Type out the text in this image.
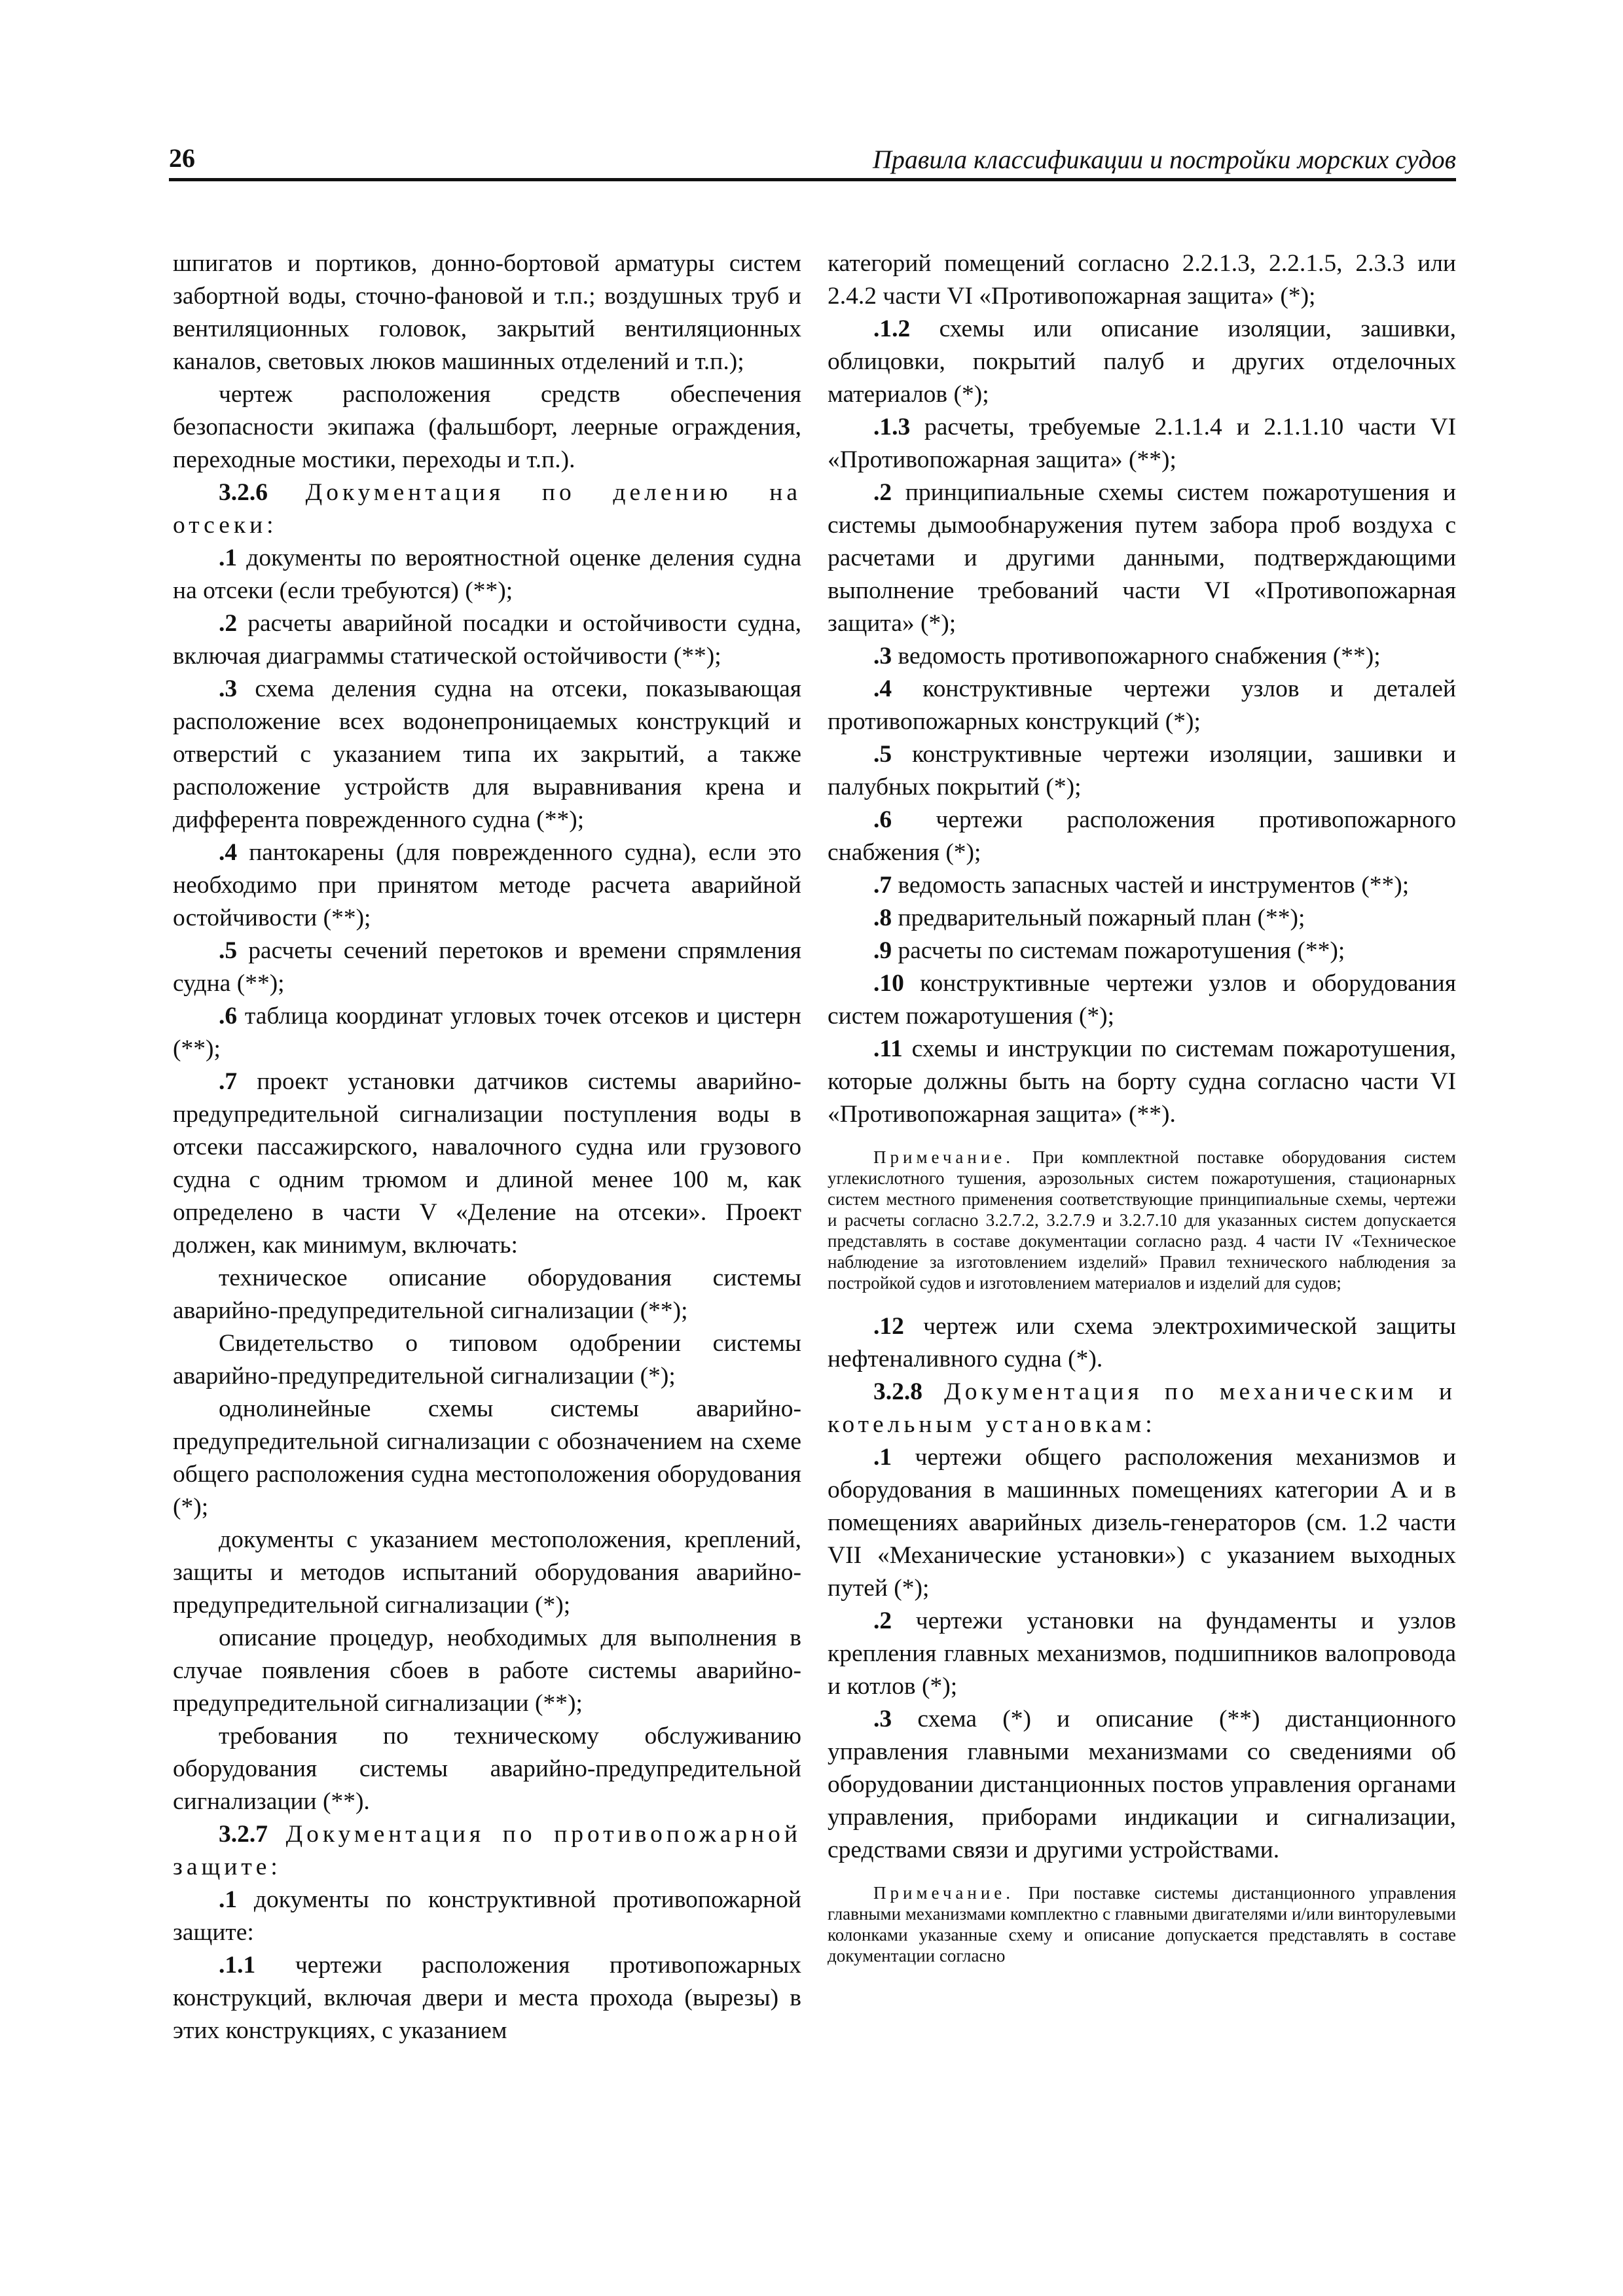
26	Правила классификации и постройки морских судов

шпигатов и портиков, донно-бортовой арматуры систем забортной воды, сточно-фановой и т.п.; воздушных труб и вентиляционных головок, закрытий вентиляционных каналов, световых люков машинных отделений и т.п.);

чертеж расположения средств обеспечения безопасности экипажа (фальшборт, леерные ограждения, переходные мостики, переходы и т.п.).

3.2.6 Документация по делению на отсеки:

.1 документы по вероятностной оценке деления судна на отсеки (если требуются) (**);

.2 расчеты аварийной посадки и остойчивости судна, включая диаграммы статической остойчивости (**);

.3 схема деления судна на отсеки, показывающая расположение всех водонепроницаемых конструкций и отверстий с указанием типа их закрытий, а также расположение устройств для выравнивания крена и дифферента поврежденного судна (**);

.4 пантокарены (для поврежденного судна), если это необходимо при принятом методе расчета аварийной остойчивости (**);

.5 расчеты сечений перетоков и времени спрямления судна (**);

.6 таблица координат угловых точек отсеков и цистерн (**);

.7 проект установки датчиков системы аварийно-предупредительной сигнализации поступления воды в отсеки пассажирского, навалочного судна или грузового судна с одним трюмом и длиной менее 100 м, как определено в части V «Деление на отсеки». Проект должен, как минимум, включать:

техническое описание оборудования системы аварийно-предупредительной сигнализации (**);

Свидетельство о типовом одобрении системы аварийно-предупредительной сигнализации (*);

однолинейные схемы системы аварийно-предупредительной сигнализации с обозначением на схеме общего расположения судна местоположения оборудования (*);

документы с указанием местоположения, креплений, защиты и методов испытаний оборудования аварийно-предупредительной сигнализации (*);

описание процедур, необходимых для выполнения в случае появления сбоев в работе системы аварийно-предупредительной сигнализации (**);

требования по техническому обслуживанию оборудования системы аварийно-предупредительной сигнализации (**).

3.2.7 Документация по противопожарной защите:

.1 документы по конструктивной противопожарной защите:

.1.1 чертежи расположения противопожарных конструкций, включая двери и места прохода (вырезы) в этих конструкциях, с указанием

категорий помещений согласно 2.2.1.3, 2.2.1.5, 2.3.3 или 2.4.2 части VI «Противопожарная защита» (*);

.1.2 схемы или описание изоляции, зашивки, облицовки, покрытий палуб и других отделочных материалов (*);

.1.3 расчеты, требуемые 2.1.1.4 и 2.1.1.10 части VI «Противопожарная защита» (**);

.2 принципиальные схемы систем пожаротушения и системы дымообнаружения путем забора проб воздуха с расчетами и другими данными, подтверждающими выполнение требований части VI «Противопожарная защита» (*);

.3 ведомость противопожарного снабжения (**);

.4 конструктивные чертежи узлов и деталей противопожарных конструкций (*);

.5 конструктивные чертежи изоляции, зашивки и палубных покрытий (*);

.6 чертежи расположения противопожарного снабжения (*);

.7 ведомость запасных частей и инструментов (**);

.8 предварительный пожарный план (**);

.9 расчеты по системам пожаротушения (**);

.10 конструктивные чертежи узлов и оборудования систем пожаротушения (*);

.11 схемы и инструкции по системам пожаротушения, которые должны быть на борту судна согласно части VI «Противопожарная защита» (**).

Примечание. При комплектной поставке оборудования систем углекислотного тушения, аэрозольных систем пожаротушения, стационарных систем местного применения соответствующие принципиальные схемы, чертежи и расчеты согласно 3.2.7.2, 3.2.7.9 и 3.2.7.10 для указанных систем допускается представлять в составе документации согласно разд. 4 части IV «Техническое наблюдение за изготовлением изделий» Правил технического наблюдения за постройкой судов и изготовлением материалов и изделий для судов;

.12 чертеж или схема электрохимической защиты нефтеналивного судна (*).

3.2.8 Документация по механическим и котельным установкам:

.1 чертежи общего расположения механизмов и оборудования в машинных помещениях категории А и в помещениях аварийных дизель-генераторов (см. 1.2 части VII «Механические установки») с указанием выходных путей (*);

.2 чертежи установки на фундаменты и узлов крепления главных механизмов, подшипников валопровода и котлов (*);

.3 схема (*) и описание (**) дистанционного управления главными механизмами со сведениями об оборудовании дистанционных постов управления органами управления, приборами индикации и сигнализации, средствами связи и другими устройствами.

Примечание. При поставке системы дистанционного управления главными механизмами комплектно с главными двигателями и/или винторулевыми колонками указанные схему и описание допускается представлять в составе документации согласно
